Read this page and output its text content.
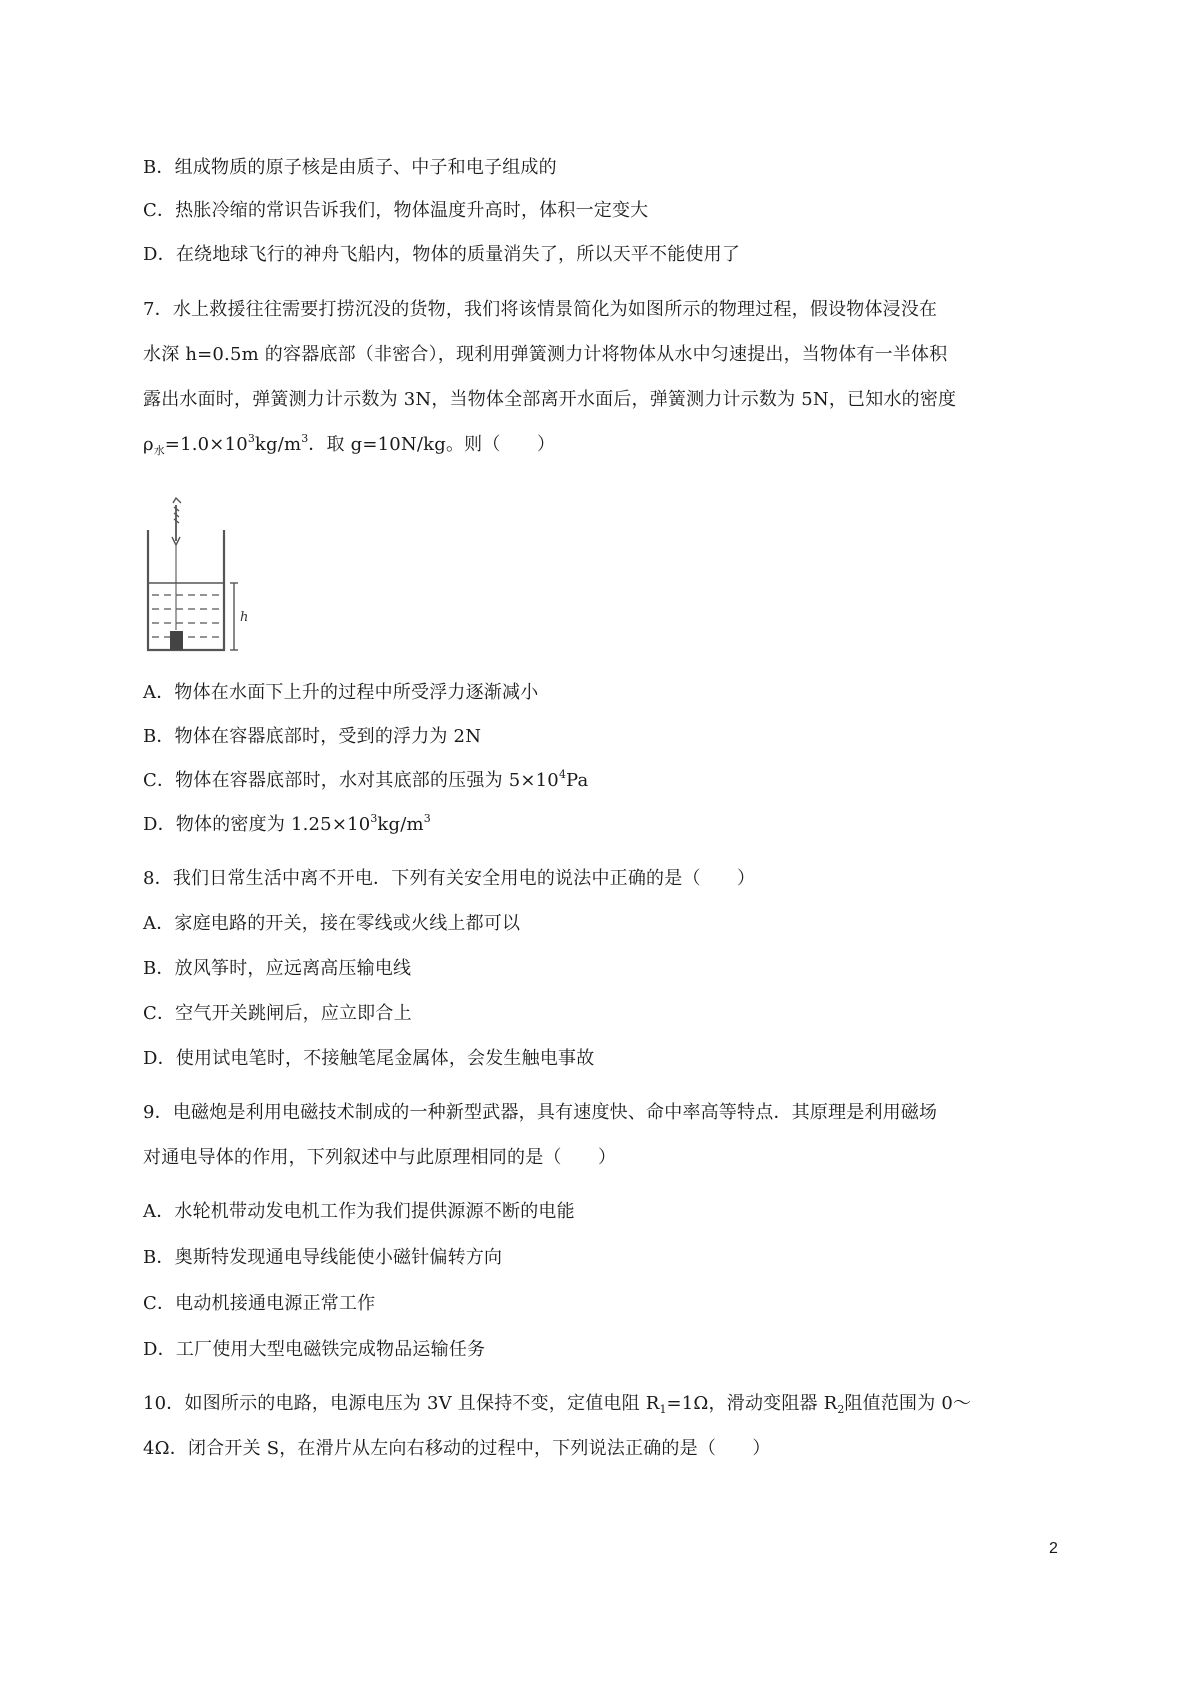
B．组成物质的原子核是由质子、中子和电子组成的
C．热胀冷缩的常识告诉我们，物体温度升高时，体积一定变大
D．在绕地球飞行的神舟飞船内，物体的质量消失了，所以天平不能使用了
7．水上救援往往需要打捞沉没的货物，我们将该情景简化为如图所示的物理过程，假设物体浸没在
水深 h=0.5m 的容器底部（非密合），现利用弹簧测力计将物体从水中匀速提出，当物体有一半体积
露出水面时，弹簧测力计示数为 3N，当物体全部离开水面后，弹簧测力计示数为 5N，已知水的密度
$\rho_水=1.0\times 10^3kg/m^3$．取 g=10N/kg。则（　　）
h
A．物体在水面下上升的过程中所受浮力逐渐减小
B．物体在容器底部时，受到的浮力为 2N
C．物体在容器底部时，水对其底部的压强为 $5\times 10^4Pa$
D．物体的密度为 $1.25\times 10^3kg/m^3$
8．我们日常生活中离不开电．下列有关安全用电的说法中正确的是（　　）
A．家庭电路的开关，接在零线或火线上都可以
B．放风筝时，应远离高压输电线
C．空气开关跳闸后，应立即合上
D．使用试电笔时，不接触笔尾金属体，会发生触电事故
9．电磁炮是利用电磁技术制成的一种新型武器，具有速度快、命中率高等特点．其原理是利用磁场
对通电导体的作用，下列叙述中与此原理相同的是（　　）
A．水轮机带动发电机工作为我们提供源源不断的电能
B．奥斯特发现通电导线能使小磁针偏转方向
C．电动机接通电源正常工作
D．工厂使用大型电磁铁完成物品运输任务
10．如图所示的电路，电源电压为 3V 且保持不变，定值电阻 $R_1=1\Omega$，滑动变阻器 $R_2$阻值范围为 0～
4Ω．闭合开关 S，在滑片从左向右移动的过程中，下列说法正确的是（　　）
2
